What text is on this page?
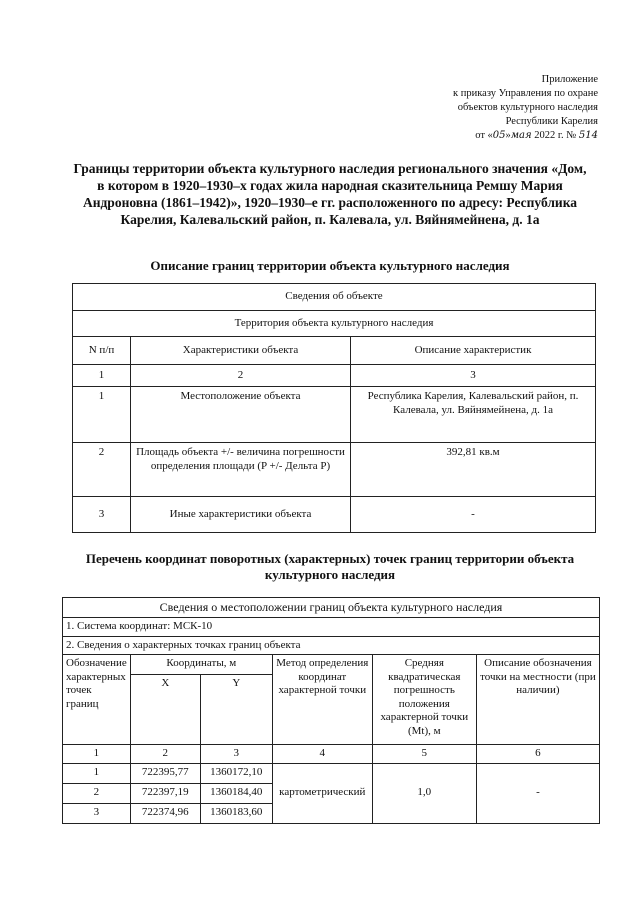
Приложение
к приказу Управления по охране
объектов культурного наследия
Республики Карелия
от «05»мая 2022 г. № 514
Границы территории объекта культурного наследия регионального значения «Дом, в котором в 1920–1930–х годах жила народная сказительница Ремшу Мария Андроновна (1861–1942)», 1920–1930–е гг. расположенного по адресу: Республика Карелия, Калевальский район, п. Калевала, ул. Вяйнямейнена, д. 1а
Описание границ территории объекта культурного наследия
Сведения об объекте		
Территория объекта культурного наследия		
N п/п	Характеристики объекта	Описание характеристик
1	2	3
1	Местоположение объекта	Республика Карелия, Калевальский район, п. Калевала, ул. Вяйнямейнена, д. 1а
2	Площадь объекта +/- величина погрешности определения площади (P +/- Дельта P)	392,81 кв.м
3	Иные характеристики объекта	-
Перечень координат поворотных (характерных) точек границ территории объекта культурного наследия
Сведения о местоположении границ объекта культурного наследия					
1. Система координат: МСК-10					
2. Сведения о характерных точках границ объекта					
Обозначение характерных точек границ	Координаты, м		Метод определения координат характерной точки	Средняя квадратическая погрешность положения характерной точки (Mt), м	Описание обозначения точки на местности (при наличии)
	X	Y			
1	2	3	4	5	6
1	722395,77	1360172,10	картометрический	1,0	-
2	722397,19	1360184,40			
3	722374,96	1360183,60			
